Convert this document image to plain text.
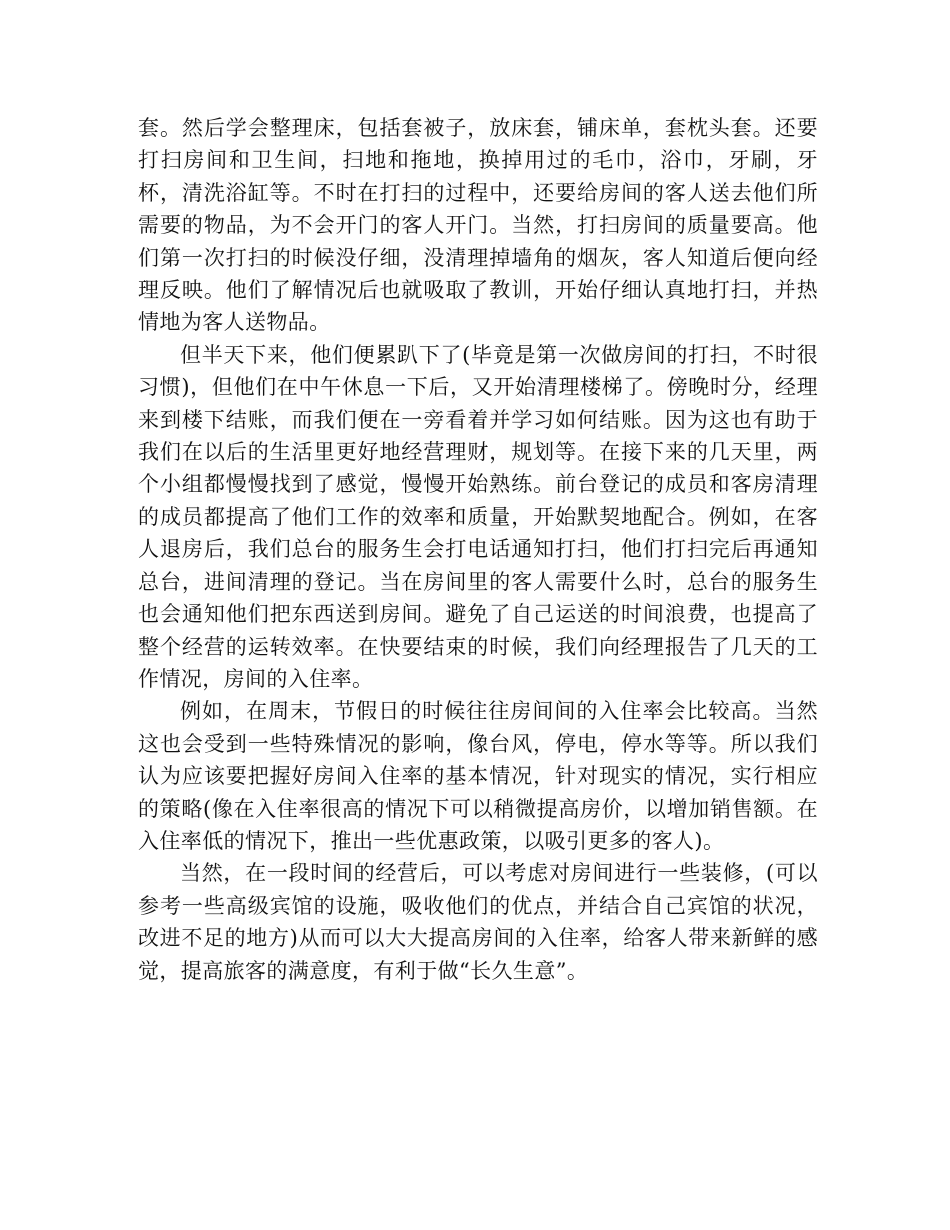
套。然后学会整理床，包括套被子，放床套，铺床单，套枕头套。还要打扫房间和卫生间，扫地和拖地，换掉用过的毛巾，浴巾，牙刷，牙杯，清洗浴缸等。不时在打扫的过程中，还要给房间的客人送去他们所需要的物品，为不会开门的客人开门。当然，打扫房间的质量要高。他们第一次打扫的时候没仔细，没清理掉墙角的烟灰，客人知道后便向经理反映。他们了解情况后也就吸取了教训，开始仔细认真地打扫，并热情地为客人送物品。

但半天下来，他们便累趴下了(毕竟是第一次做房间的打扫，不时很习惯)，但他们在中午休息一下后，又开始清理楼梯了。傍晚时分，经理来到楼下结账，而我们便在一旁看着并学习如何结账。因为这也有助于我们在以后的生活里更好地经营理财，规划等。在接下来的几天里，两个小组都慢慢找到了感觉，慢慢开始熟练。前台登记的成员和客房清理的成员都提高了他们工作的效率和质量，开始默契地配合。例如，在客人退房后，我们总台的服务生会打电话通知打扫，他们打扫完后再通知总台，进间清理的登记。当在房间里的客人需要什么时，总台的服务生也会通知他们把东西送到房间。避免了自己运送的时间浪费，也提高了整个经营的运转效率。在快要结束的时候，我们向经理报告了几天的工作情况，房间的入住率。

例如，在周末，节假日的时候往往房间间的入住率会比较高。当然这也会受到一些特殊情况的影响，像台风，停电，停水等等。所以我们认为应该要把握好房间入住率的基本情况，针对现实的情况，实行相应的策略(像在入住率很高的情况下可以稍微提高房价，以增加销售额。在入住率低的情况下，推出一些优惠政策，以吸引更多的客人)。

当然，在一段时间的经营后，可以考虑对房间进行一些装修，(可以参考一些高级宾馆的设施，吸收他们的优点，并结合自己宾馆的状况，改进不足的地方)从而可以大大提高房间的入住率，给客人带来新鲜的感觉，提高旅客的满意度，有利于做“长久生意”。
